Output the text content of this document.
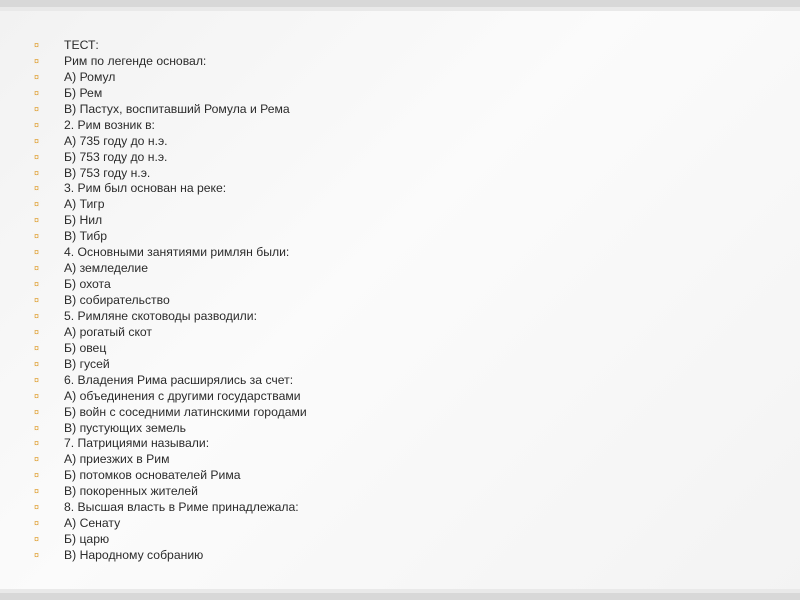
¤ ТЕСТ:
¤ Рим по легенде основал:
¤ А) Ромул
¤ Б) Рем
¤ В) Пастух, воспитавший Ромула и Рема
¤ 2. Рим возник в:
¤ А) 735 году до н.э.
¤ Б) 753 году до н.э.
¤ В) 753 году н.э.
¤ 3. Рим был основан на реке:
¤ А) Тигр
¤ Б) Нил
¤ В) Тибр
¤ 4. Основными занятиями римлян были:
¤ А) земледелие
¤ Б) охота
¤ В) собирательство
¤ 5. Римляне скотоводы разводили:
¤ А) рогатый скот
¤ Б) овец
¤ В) гусей
¤ 6. Владения Рима расширялись за счет:
¤ А) объединения с другими государствами
¤ Б) войн с соседними латинскими городами
¤ В) пустующих земель
¤ 7. Патрициями называли:
¤ А) приезжих в Рим
¤ Б) потомков основателей Рима
¤ В) покоренных жителей
¤ 8. Высшая власть в Риме принадлежала:
¤ А) Сенату
¤ Б) царю
¤ В) Народному собранию
